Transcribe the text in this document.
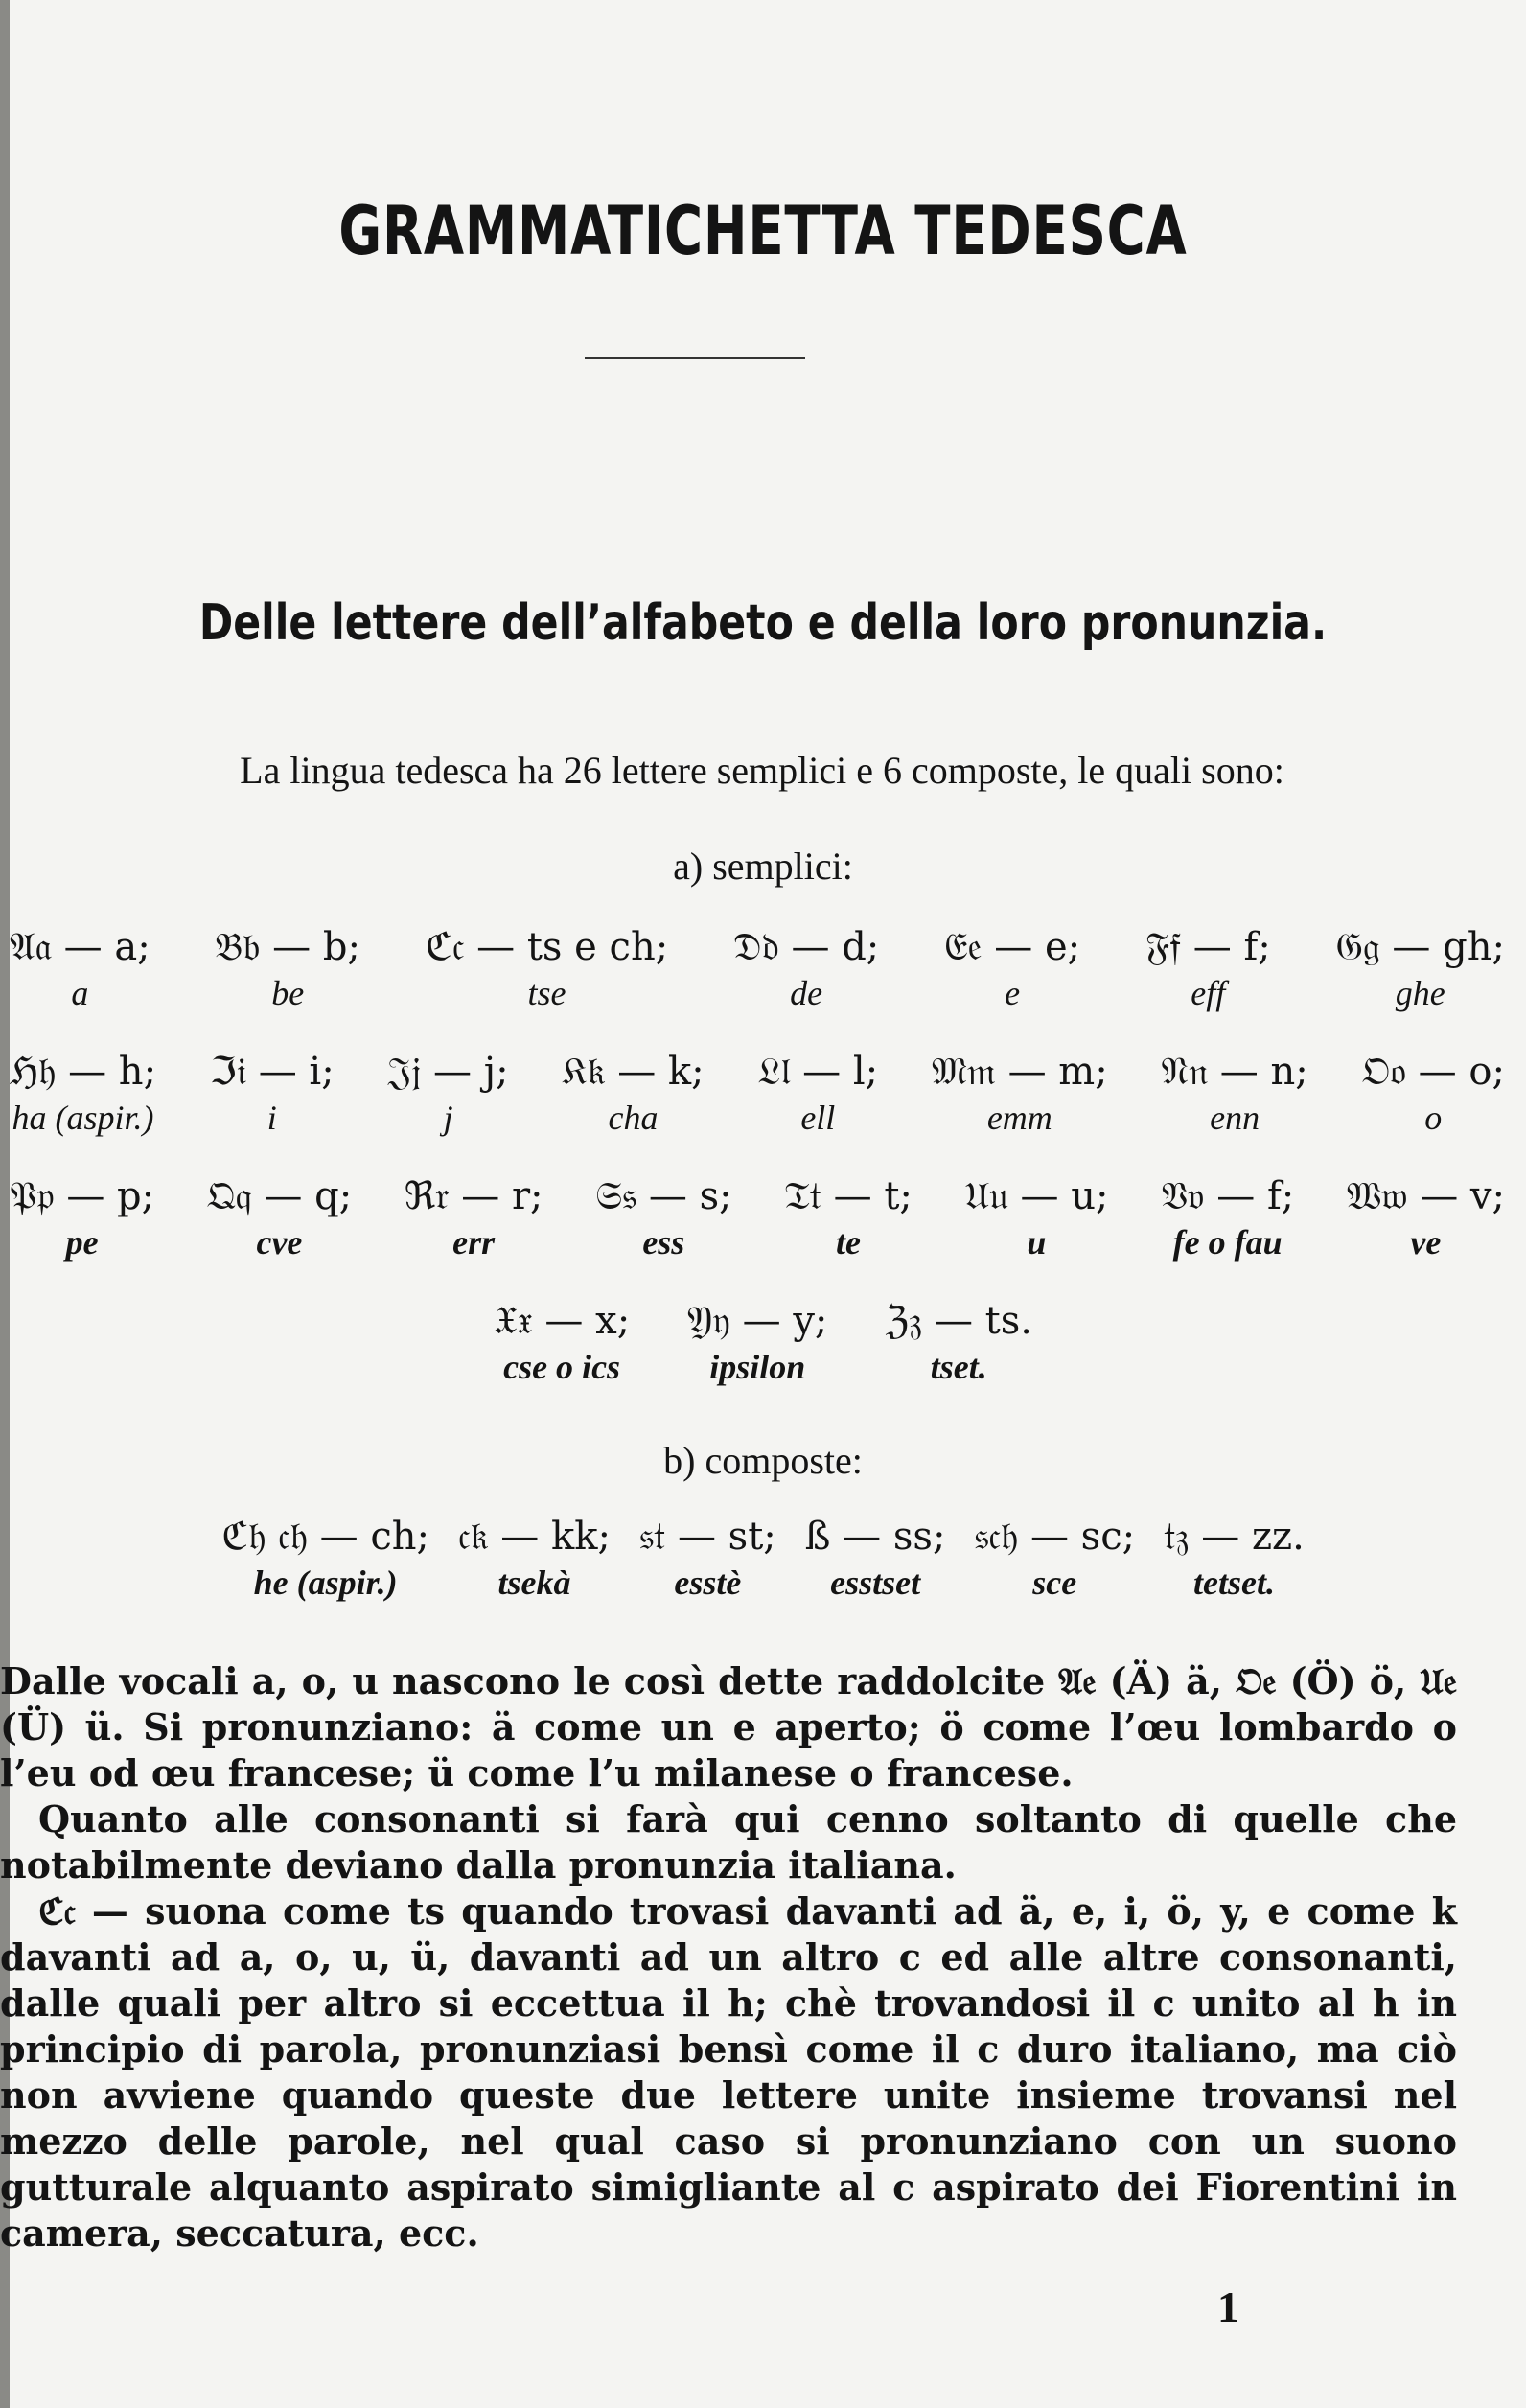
GRAMMATICHETTA TEDESCA
Delle lettere dell’alfabeto e della loro pronunzia.
La lingua tedesca ha 26 lettere semplici e 6 composte, le quali sono:
a) semplici:
𝔄𝔞 — a;
a
𝔅𝔟 — b;
be
ℭ𝔠 — ts e ch;
tse
𝔇𝔡 — d;
de
𝔈𝔢 — e;
e
𝔉𝔣 — f;
eff
𝔊𝔤 — gh;
ghe
ℌ𝔥 — h;
ha (aspir.)
ℑ𝔦 — i;
i
𝔍𝔧 — j;
j
𝔎𝔨 — k;
cha
𝔏𝔩 — l;
ell
𝔐𝔪 — m;
emm
𝔑𝔫 — n;
enn
𝔒𝔬 — o;
o
𝔓𝔭 — p;
pe
𝔔𝔮 — q;
cve
ℜ𝔯 — r;
err
𝔖𝔰 — s;
ess
𝔗𝔱 — t;
te
𝔘𝔲 — u;
u
𝔙𝔳 — f;
fe o fau
𝔚𝔴 — v;
ve
𝔛𝔵 — x;
cse o ics
𝔜𝔶 — y;
ipsilon
ℨ𝔷 — ts.
tset.
b) composte:
ℭ𝔥 𝔠𝔥 — ch;
he (aspir.)
𝔠𝔨 — kk;
tsekà
𝔰𝔱 — st;
esstè
ß — ss;
esstset
𝔰𝔠𝔥 — sc;
sce
𝔱𝔷 — zz.
tetset.

Dalle vocali a, o, u nascono le così dette raddolcite 𝔄𝔢 (Ä) ä, 𝔒𝔢 (Ö) ö, 𝔘𝔢 (Ü) ü. Si pronunziano: ä come un e aperto; ö come l’œu lombardo o l’eu od œu francese; ü come l’u milanese o francese.

Quanto alle consonanti si farà qui cenno soltanto di quelle che notabilmente deviano dalla pronunzia italiana.

ℭ𝔠 — suona come ts quando trovasi davanti ad ä, e, i, ö, y, e come k davanti ad a, o, u, ü, davanti ad un altro c ed alle altre consonanti, dalle quali per altro si eccettua il h; chè trovandosi il c unito al h in principio di parola, pronunziasi bensì come il c duro italiano, ma ciò non avviene quando queste due lettere unite insieme trovansi nel mezzo delle parole, nel qual caso si pronunziano con un suono gutturale alquanto aspirato simigliante al c aspirato dei Fiorentini in camera, seccatura, ecc.

1
